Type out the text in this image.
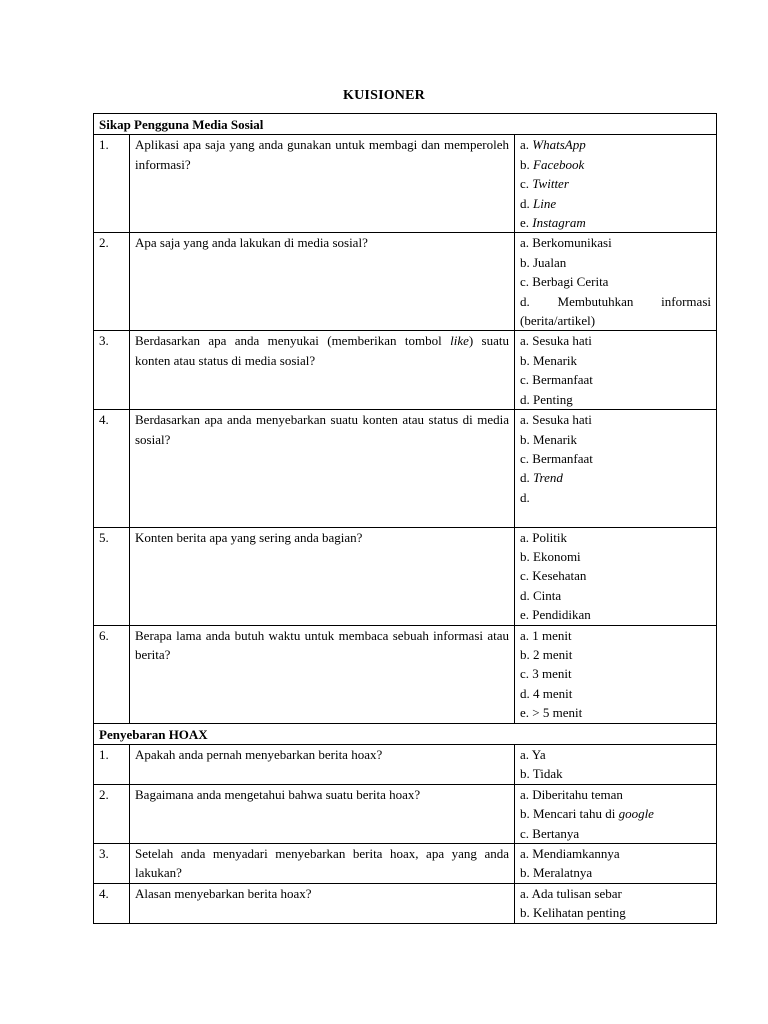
KUISIONER
Sikap Pengguna Media Sosial		
1.	Aplikasi apa saja yang anda gunakan untuk membagi dan memperoleh informasi?	a. WhatsApp
b. Facebook
c. Twitter
d. Line
e. Instagram

2.	Apa saja yang anda lakukan di media sosial?	a. Berkomunikasi
b. Jualan
c. Berbagi Cerita
d. Membutuhkan informasi (berita/artikel)

3.	Berdasarkan apa anda menyukai (memberikan tombol like) suatu konten atau status di media sosial?	a. Sesuka hati
b. Menarik
c. Bermanfaat
d. Penting

4.	Berdasarkan apa anda menyebarkan suatu konten atau status di media sosial?	a. Sesuka hati
b. Menarik
c. Bermanfaat
d. Trend
d.

5.	Konten berita apa yang sering anda bagian?	a. Politik
b. Ekonomi
c. Kesehatan
d. Cinta
e. Pendidikan

6.	Berapa lama anda butuh waktu untuk membaca sebuah informasi atau berita?	a. 1 menit
b. 2 menit
c. 3 menit
d. 4 menit
e. > 5 menit

Penyebaran HOAX		
1.	Apakah anda pernah menyebarkan berita hoax?	a. Ya
b. Tidak

2.	Bagaimana anda mengetahui bahwa suatu berita hoax?	a. Diberitahu teman
b. Mencari tahu di google
c. Bertanya

3.	Setelah anda menyadari menyebarkan berita hoax, apa yang anda lakukan?	a. Mendiamkannya
b. Meralatnya

4.	Alasan menyebarkan berita hoax?	a. Ada tulisan sebar
b. Kelihatan penting
